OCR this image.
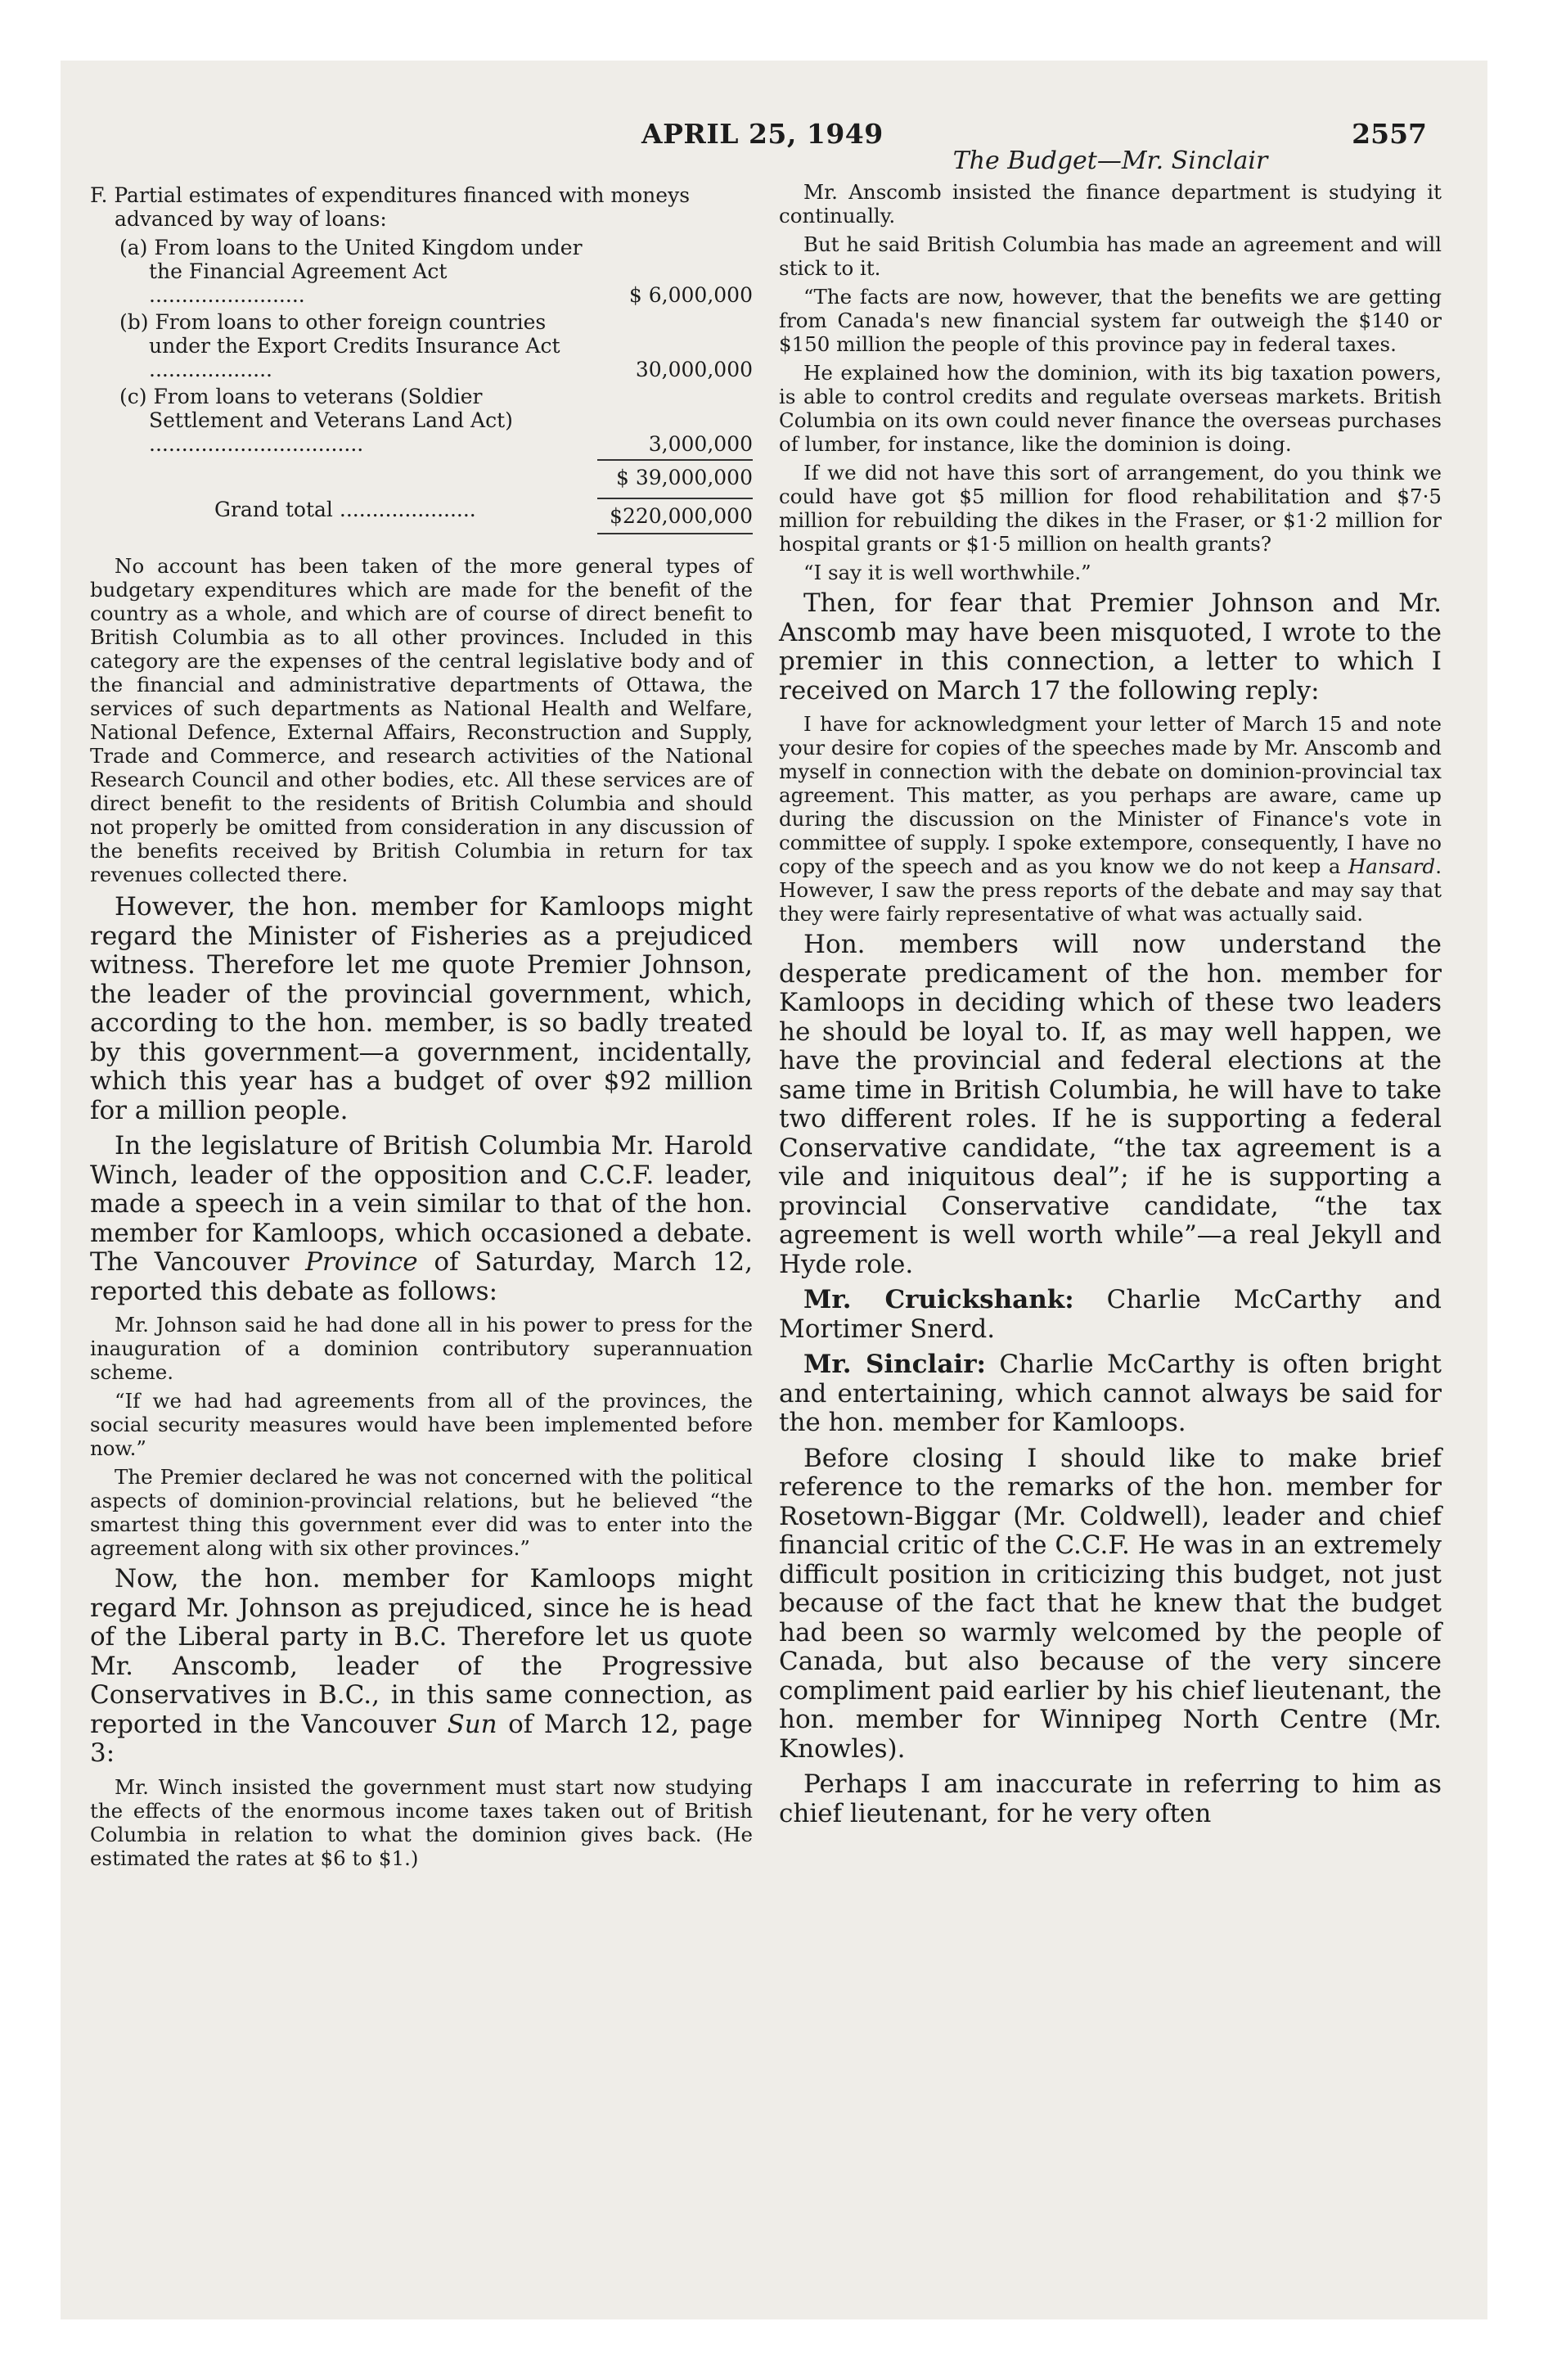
APRIL 25, 1949	2557

F. Partial estimates of expenditures financed with moneys advanced by way of loans:

(a) From loans to the United Kingdom under the Financial Agreement Act ........................	$ 6,000,000
(b) From loans to other foreign countries under the Export Credits Insurance Act ...................	30,000,000
(c) From loans to veterans (Soldier Settlement and Veterans Land Act) .................................	3,000,000
$ 39,000,000
Grand total .....................	$220,000,000

No account has been taken of the more general types of budgetary expenditures which are made for the benefit of the country as a whole, and which are of course of direct benefit to British Columbia as to all other provinces. Included in this category are the expenses of the central legislative body and of the financial and administrative departments of Ottawa, the services of such departments as National Health and Welfare, National Defence, External Affairs, Reconstruction and Supply, Trade and Commerce, and research activities of the National Research Council and other bodies, etc. All these services are of direct benefit to the residents of British Columbia and should not properly be omitted from consideration in any discussion of the benefits received by British Columbia in return for tax revenues collected there.

However, the hon. member for Kamloops might regard the Minister of Fisheries as a prejudiced witness. Therefore let me quote Premier Johnson, the leader of the provincial government, which, according to the hon. member, is so badly treated by this government—a government, incidentally, which this year has a budget of over $92 million for a million people.

In the legislature of British Columbia Mr. Harold Winch, leader of the opposition and C.C.F. leader, made a speech in a vein similar to that of the hon. member for Kamloops, which occasioned a debate. The Vancouver Province of Saturday, March 12, reported this debate as follows:

Mr. Johnson said he had done all in his power to press for the inauguration of a dominion contributory superannuation scheme.

“If we had had agreements from all of the provinces, the social security measures would have been implemented before now.”

The Premier declared he was not concerned with the political aspects of dominion-provincial relations, but he believed “the smartest thing this government ever did was to enter into the agreement along with six other provinces.”

Now, the hon. member for Kamloops might regard Mr. Johnson as prejudiced, since he is head of the Liberal party in B.C. Therefore let us quote Mr. Anscomb, leader of the Progressive Conservatives in B.C., in this same connection, as reported in the Vancouver Sun of March 12, page 3:

Mr. Winch insisted the government must start now studying the effects of the enormous income taxes taken out of British Columbia in relation to what the dominion gives back. (He estimated the rates at $6 to $1.)

The Budget—Mr. Sinclair

Mr. Anscomb insisted the finance department is studying it continually.

But he said British Columbia has made an agreement and will stick to it.

“The facts are now, however, that the benefits we are getting from Canada's new financial system far outweigh the $140 or $150 million the people of this province pay in federal taxes.

He explained how the dominion, with its big taxation powers, is able to control credits and regulate overseas markets. British Columbia on its own could never finance the overseas purchases of lumber, for instance, like the dominion is doing.

If we did not have this sort of arrangement, do you think we could have got $5 million for flood rehabilitation and $7·5 million for rebuilding the dikes in the Fraser, or $1·2 million for hospital grants or $1·5 million on health grants?

“I say it is well worthwhile.”

Then, for fear that Premier Johnson and Mr. Anscomb may have been misquoted, I wrote to the premier in this connection, a letter to which I received on March 17 the following reply:

I have for acknowledgment your letter of March 15 and note your desire for copies of the speeches made by Mr. Anscomb and myself in connection with the debate on dominion-provincial tax agreement. This matter, as you perhaps are aware, came up during the discussion on the Minister of Finance's vote in committee of supply. I spoke extempore, consequently, I have no copy of the speech and as you know we do not keep a Hansard. However, I saw the press reports of the debate and may say that they were fairly representative of what was actually said.

Hon. members will now understand the desperate predicament of the hon. member for Kamloops in deciding which of these two leaders he should be loyal to. If, as may well happen, we have the provincial and federal elections at the same time in British Columbia, he will have to take two different roles. If he is supporting a federal Conservative candidate, “the tax agreement is a vile and iniquitous deal”; if he is supporting a provincial Conservative candidate, “the tax agreement is well worth while”—a real Jekyll and Hyde role.

Mr. Cruickshank: Charlie McCarthy and Mortimer Snerd.

Mr. Sinclair: Charlie McCarthy is often bright and entertaining, which cannot always be said for the hon. member for Kamloops.

Before closing I should like to make brief reference to the remarks of the hon. member for Rosetown-Biggar (Mr. Coldwell), leader and chief financial critic of the C.C.F. He was in an extremely difficult position in criticizing this budget, not just because of the fact that he knew that the budget had been so warmly welcomed by the people of Canada, but also because of the very sincere compliment paid earlier by his chief lieutenant, the hon. member for Winnipeg North Centre (Mr. Knowles).

Perhaps I am inaccurate in referring to him as chief lieutenant, for he very often
